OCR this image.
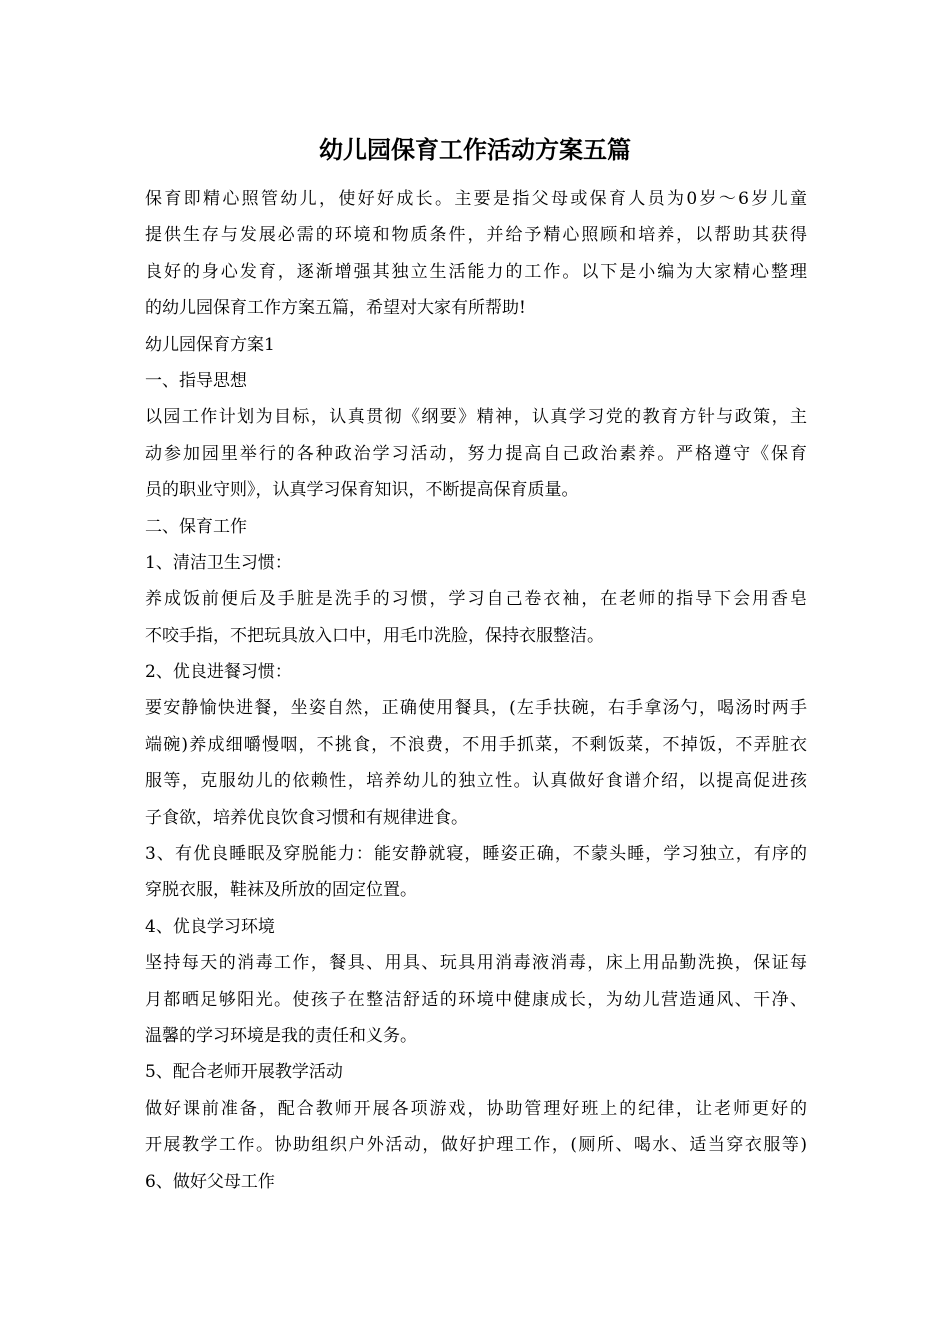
幼儿园保育工作活动方案五篇
保育即精心照管幼儿，使好好成长。主要是指父母或保育人员为0岁～6岁儿童
提供生存与发展必需的环境和物质条件，并给予精心照顾和培养，以帮助其获得
良好的身心发育，逐渐增强其独立生活能力的工作。以下是小编为大家精心整理
的幼儿园保育工作方案五篇，希望对大家有所帮助!
幼儿园保育方案1
一、指导思想
以园工作计划为目标，认真贯彻《纲要》精神，认真学习党的教育方针与政策，主
动参加园里举行的各种政治学习活动，努力提高自己政治素养。严格遵守《保育
员的职业守则》，认真学习保育知识，不断提高保育质量。
二、保育工作
1、清洁卫生习惯：
养成饭前便后及手脏是洗手的习惯，学习自己卷衣袖，在老师的指导下会用香皂
不咬手指，不把玩具放入口中，用毛巾洗脸，保持衣服整洁。
2、优良进餐习惯：
要安静愉快进餐，坐姿自然，正确使用餐具，(左手扶碗，右手拿汤勺，喝汤时两手
端碗)养成细嚼慢咽，不挑食，不浪费，不用手抓菜，不剩饭菜，不掉饭，不弄脏衣
服等，克服幼儿的依赖性，培养幼儿的独立性。认真做好食谱介绍，以提高促进孩
子食欲，培养优良饮食习惯和有规律进食。
3、有优良睡眠及穿脱能力：能安静就寝，睡姿正确，不蒙头睡，学习独立，有序的
穿脱衣服，鞋袜及所放的固定位置。
4、优良学习环境
坚持每天的消毒工作，餐具、用具、玩具用消毒液消毒，床上用品勤洗换，保证每
月都晒足够阳光。使孩子在整洁舒适的环境中健康成长，为幼儿营造通风、干净、
温馨的学习环境是我的责任和义务。
5、配合老师开展教学活动
做好课前准备，配合教师开展各项游戏，协助管理好班上的纪律，让老师更好的
开展教学工作。协助组织户外活动，做好护理工作，(厕所、喝水、适当穿衣服等)
6、做好父母工作
